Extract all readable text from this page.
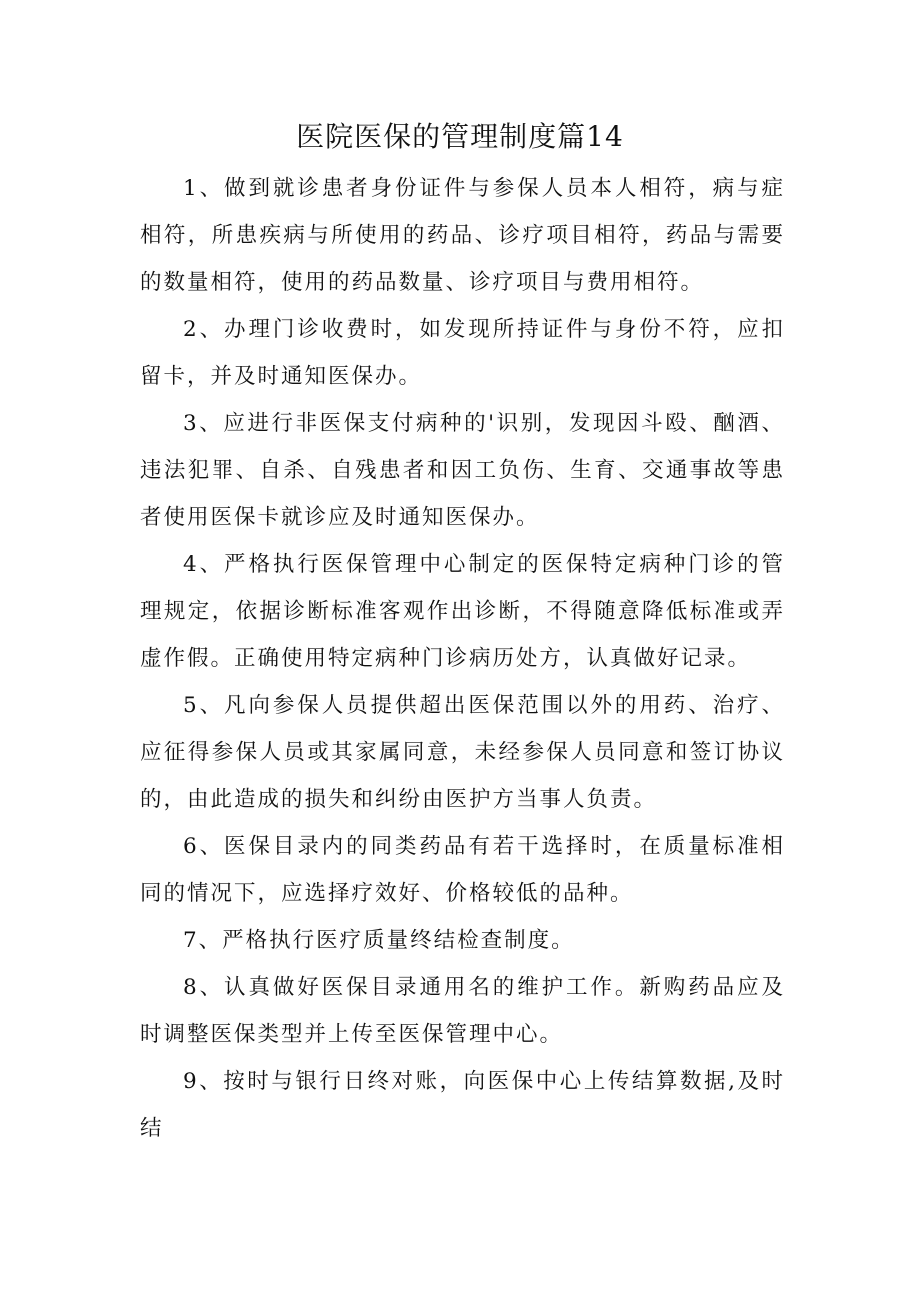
医院医保的管理制度篇14

1、做到就诊患者身份证件与参保人员本人相符，病与症相符，所患疾病与所使用的药品、诊疗项目相符，药品与需要的数量相符，使用的药品数量、诊疗项目与费用相符。

2、办理门诊收费时，如发现所持证件与身份不符，应扣留卡，并及时通知医保办。

3、应进行非医保支付病种的'识别，发现因斗殴、酗酒、违法犯罪、自杀、自残患者和因工负伤、生育、交通事故等患者使用医保卡就诊应及时通知医保办。

4、严格执行医保管理中心制定的医保特定病种门诊的管理规定，依据诊断标准客观作出诊断，不得随意降低标准或弄虚作假。正确使用特定病种门诊病历处方，认真做好记录。

5、凡向参保人员提供超出医保范围以外的用药、治疗、应征得参保人员或其家属同意，未经参保人员同意和签订协议的，由此造成的损失和纠纷由医护方当事人负责。

6、医保目录内的同类药品有若干选择时，在质量标准相同的情况下，应选择疗效好、价格较低的品种。

7、严格执行医疗质量终结检查制度。

8、认真做好医保目录通用名的维护工作。新购药品应及时调整医保类型并上传至医保管理中心。

9、按时与银行日终对账，向医保中心上传结算数据,及时结
